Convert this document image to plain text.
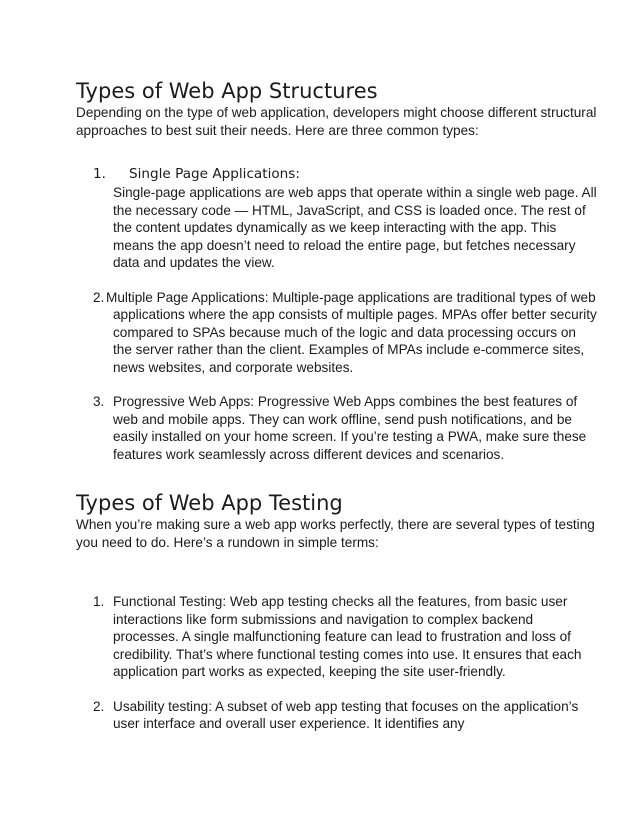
Types of Web App Structures

Depending on the type of web application, developers might choose different structural approaches to best suit their needs. Here are three common types:

1.	Single Page Applications:

Single-page applications are web apps that operate within a single web page. All the necessary code — HTML, JavaScript, and CSS is loaded once. The rest of the content updates dynamically as we keep interacting with the app. This means the app doesn’t need to reload the entire page, but fetches necessary data and updates the view.

2. Multiple Page Applications: Multiple-page applications are traditional types of web applications where the app consists of multiple pages. MPAs offer better security compared to SPAs because much of the logic and data processing occurs on the server rather than the client. Examples of MPAs include e-commerce sites, news websites, and corporate websites.

3. Progressive Web Apps: Progressive Web Apps combines the best features of web and mobile apps. They can work offline, send push notifications, and be easily installed on your home screen. If you’re testing a PWA, make sure these features work seamlessly across different devices and scenarios.

Types of Web App Testing

When you’re making sure a web app works perfectly, there are several types of testing you need to do. Here’s a rundown in simple terms:

1. Functional Testing: Web app testing checks all the features, from basic user interactions like form submissions and navigation to complex backend processes. A single malfunctioning feature can lead to frustration and loss of credibility. That’s where functional testing comes into use. It ensures that each application part works as expected, keeping the site user-friendly.

2. Usability testing: A subset of web app testing that focuses on the application’s user interface and overall user experience. It identifies any
